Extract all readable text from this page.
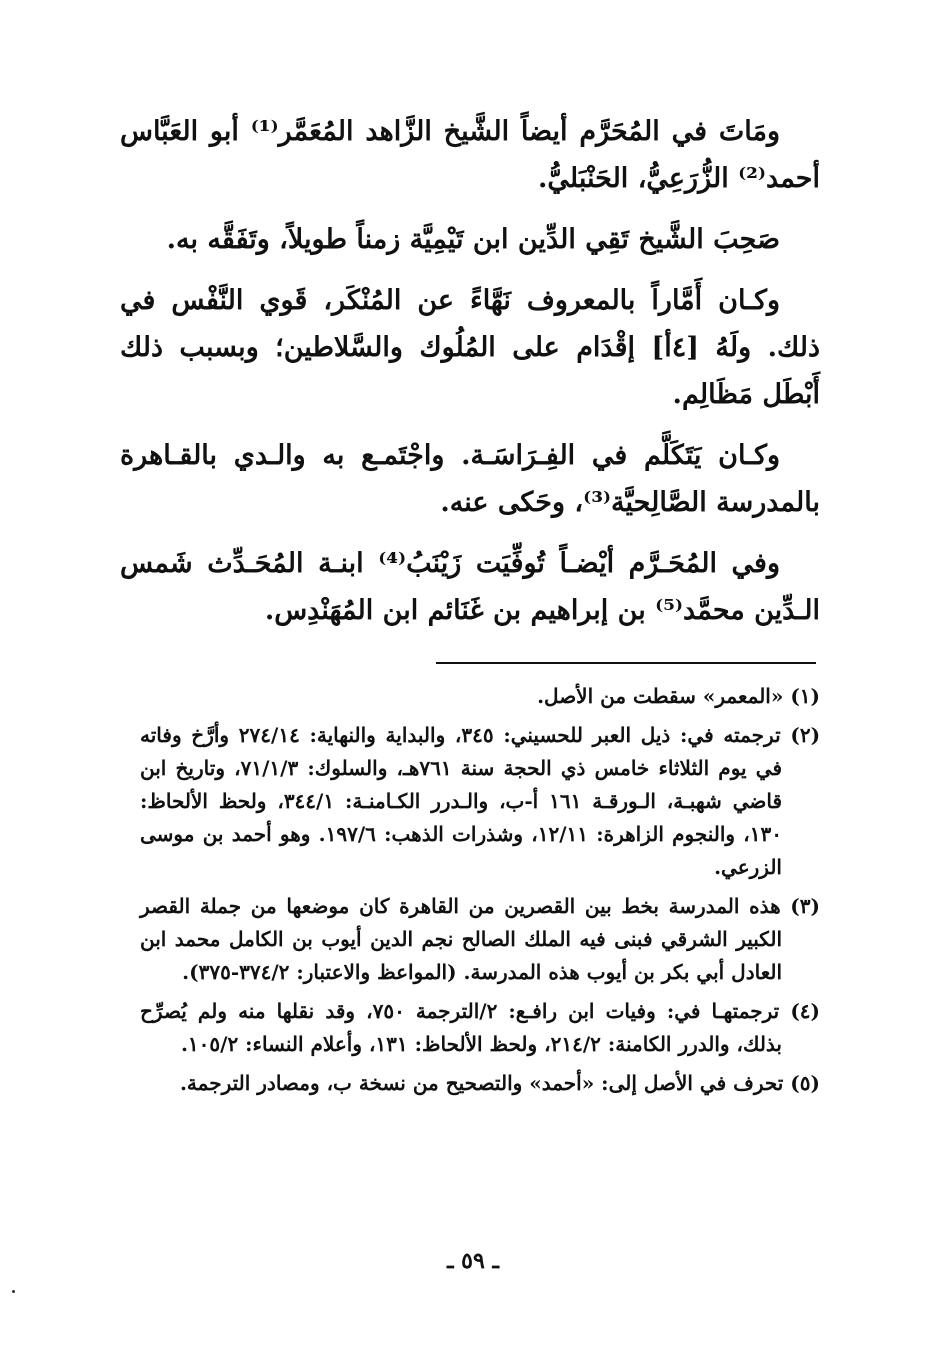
ومَاتَ في المُحَرَّم أيضاً الشَّيخ الزَّاهد المُعَمَّر⁽¹⁾ أبو العَبَّاس أحمد⁽²⁾ الزُّرَعِيُّ، الحَنْبَليُّ.

صَحِبَ الشَّيخ تَقِي الدِّين ابن تَيْمِيَّة زمناً طويلاً، وتَفَقَّه به.

وكـان أَمَّاراً بالمعروف نَهَّاءً عن المُنْكَر، قَوي النَّفْس في ذلك. ولَهُ [٤أ] إقْدَام على المُلُوك والسَّلاطين؛ وبسبب ذلك أَبْطَل مَظَالِم.

وكـان يَتَكَلَّم في الفِـرَاسَـة. واجْتَمـع به والـدي بالقـاهرة بالمدرسة الصَّالِحيَّة⁽³⁾، وحَكى عنه.

وفي المُحَـرَّم أيْضـاً تُوفِّيَت زَيْنَبُ⁽⁴⁾ ابنـة المُحَـدِّث شَمس الـدِّين محمَّد⁽⁵⁾ بن إبراهيم بن غَنَائم ابن المُهَنْدِس.

(١) «المعمر» سقطت من الأصل.

(٢) ترجمته في: ذيل العبر للحسيني: ٣٤٥، والبداية والنهاية: ٢٧٤/١٤ وأرَّخ وفاته في يوم الثلاثاء خامس ذي الحجة سنة ٧٦١هـ، والسلوك: ٧١/١/٣، وتاريخ ابن قاضي شهبـة، الـورقـة ١٦١ أ-ب، والـدرر الكـامنـة: ٣٤٤/١، ولحظ الألحاظ: ١٣٠، والنجوم الزاهرة: ١٢/١١، وشذرات الذهب: ١٩٧/٦. وهو أحمد بن موسى الزرعي.

(٣) هذه المدرسة بخط بين القصرين من القاهرة كان موضعها من جملة القصر الكبير الشرقي فبنى فيه الملك الصالح نجم الدين أيوب بن الكامل محمد ابن العادل أبي بكر بن أيوب هذه المدرسة. (المواعظ والاعتبار: ٣٧٤/٢-٣٧٥).

(٤) ترجمتهـا في: وفيات ابن رافـع: ٢/الترجمة ٧٥٠، وقد نقلها منه ولم يُصرِّح بذلك، والدرر الكامنة: ٢١٤/٢، ولحظ الألحاظ: ١٣١، وأعلام النساء: ١٠٥/٢.

(٥) تحرف في الأصل إلى: «أحمد» والتصحيح من نسخة ب، ومصادر الترجمة.

ـ ٥٩ ـ
